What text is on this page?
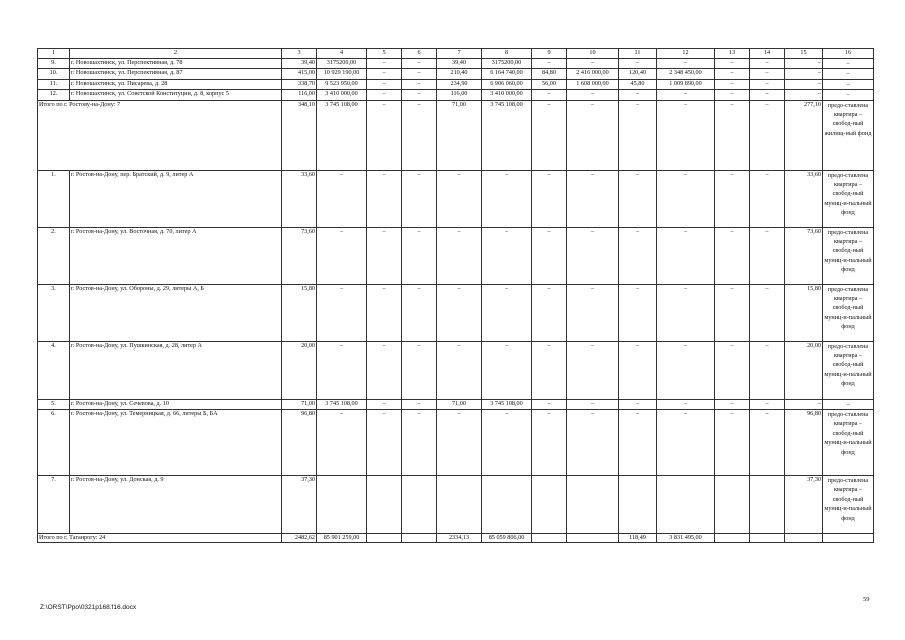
1	2	3	4	5	6	7	8	9	10	11	12	13	14	15	16
9.	г. Новошахтинск, ул. Перспективная, д. 78	39,40	3175200,00	–	–	39,40	3175200,00	–	–	–	–	–	–	–	–
10.	г. Новошахтинск, ул. Перспективная, д. 87	415,00	10 929 190,00	–	–	210,40	6 164 740,00	84,80	2 416 000,00	120,40	2 348 450,00	–	–	–	–
11.	г. Новошахтинск, ул. Писарева, д. 28	338,70	9 523 950,00	–	–	234,90	6 906 060,00	56,00	1 608 000,00	45,80	1 009 890,00	–	–	–	–
12.	г. Новошахтинск, ул. Советской Конституции, д. 8, корпус 5	116,00	3 410 000,00	–	–	116,00	3 410 000,00	–	–	–	–	–	–	–	–
Итого по г. Ростову-на-Дону: 7		348,10	3 745 108,00	–	–	71,00	3 745 108,00	–	–	–	–	–	–	277,10	предо-ставлена квартира – свобод-ный жилищ-ный фонд
1.	г. Ростов-на-Дону, пер. Братский, д. 9, литер А	33,60	–	–	–	–	–	–	–	–	–	–	–	33,60	предо-ставлена квартира – свобод-ный муниц-и-пальный фонд
2.	г. Ростов-на-Дону, ул. Восточная, д. 70, литер А	73,60	–	–	–	–	–	–	–	–	–	–	–	73,60	предо-ставлена квартира – свобод-ный муниц-и-пальный фонд
3.	г. Ростов-на-Дону, ул. Обороны, д. 29, литеры А, Б	15,80	–	–	–	–	–	–	–	–	–	–	–	15,80	предо-ставлена квартира – свобод-ный муниц-и-пальный фонд
4.	г. Ростов-на-Дону, ул. Пушкинская, д. 28, литер А	20,00	–	–	–	–	–	–	–	–	–	–	–	20,00	предо-ставлена квартира – свобод-ный муниц-и-пальный фонд
5.	г. Ростов-на-Дону, ул. Сечевова, д. 10	71,00	3 745 108,00	–	–	71,00	3 745 108,00	–	–	–	–	–	–	–	–
6.	г. Ростов-на-Дону, ул. Темерницкая, д. 66, литеры Б, БА	96,80	–	–	–	–	–	–	–	–	–	–	–	96,80	предо-ставлена квартира – свобод-ный муниц-и-пальный фонд
7.	г. Ростов-на-Дону, ул. Донская, д. 9	37,30												37,30	предо-ставлена квартира – свобод-ный муниц-и-пальный фонд
Итого по г. Таганрогу: 24		2482,62	85 901 259,00			2334,13	85 059 806,00			118,49	3 831 495,00				
Z:\ORST\Ppo\0321p168.f16.docx
59
